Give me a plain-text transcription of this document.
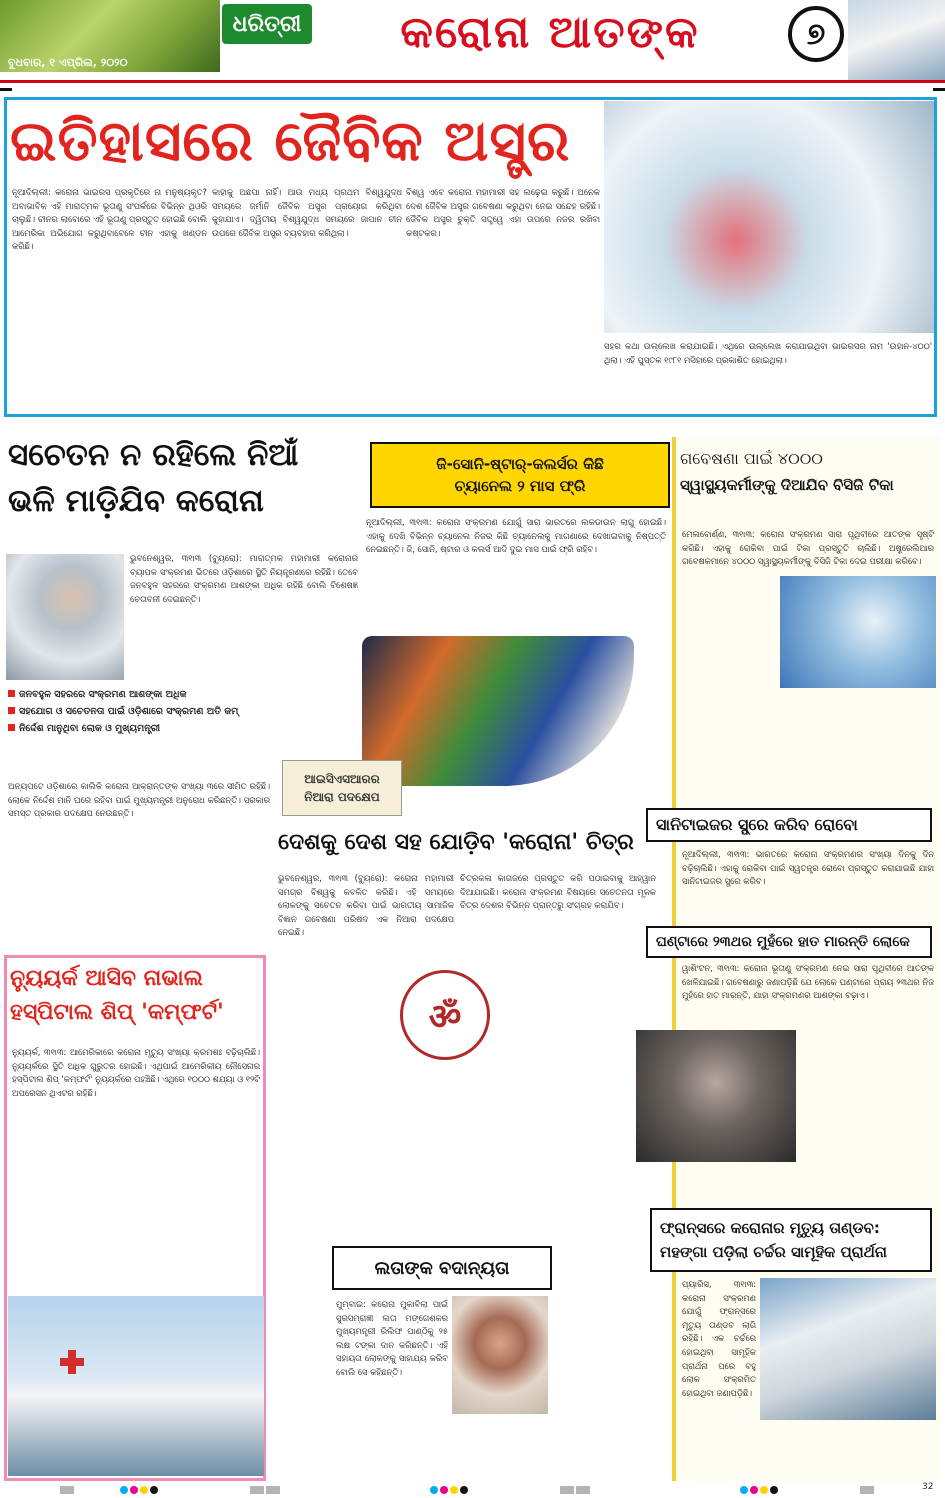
ଧରିତ୍ରୀ
ବୁଧବାର, ୧ ଏପ୍ରିଲ, ୨୦୨୦
କରୋନା ଆତଙ୍କ	୭
ଇତିହାସରେ ଜୈବିକ ଅସ୍ତ୍ର
ନୂଆଦିଲ୍ଲୀ: କରୋନା ଭାଇରସ ପ୍ରକୃତିରେ ନା ମନୁଷ୍ୟକୃତ? ଅବାଭାବିକ ଏହି ମାରାତ୍ମକ ଭୂତାଣୁ ସଂପର୍କରେ ବିଭିନ୍ନ ଥିଓରି ଚାଲୁଛି। ଚୀନର ଲାବୋରେ ଏହି ଭୂତାଣୁ ପ୍ରସ୍ତୁତ ହୋଇଛି ବୋଲି ଆମେରିକା ଅଭିଯୋଗ କରୁଥିବାବେଳେ ଚୀନ ଏହାକୁ ଖଣ୍ଡନ କରିଛି।
କାହାକୁ ଅଛପା ନାହିଁ। ଆଉ ମଧ୍ୟ ପ୍ରଥମ ବିଶ୍ୱଯୁଦ୍ଧ ସମୟରେ ଜର୍ମାନି ଜୈବିକ ଅସ୍ତ୍ର ପ୍ରୟୋଗ କରିଥିବା କୁହାଯାଏ। ଦ୍ୱିତୀୟ ବିଶ୍ୱଯୁଦ୍ଧ ସମୟରେ ଜାପାନ ଚୀନ ଉପରେ ଜୈବିକ ଅସ୍ତ୍ର ବ୍ୟବହାର କରିଥିଲା।
ବିଶ୍ୱ ଏବେ କରୋନା ମହାମାରୀ ସହ ଲଢ଼େଇ କରୁଛି। ଅନେକ ଦେଶ ଜୈବିକ ଅସ୍ତ୍ର ଗବେଷଣା କରୁଥିବା ନେଇ ସନ୍ଦେହ ରହିଛି। ଜୈବିକ ଅସ୍ତ୍ର ଚୁକ୍ତି ସତ୍ତ୍ୱେ ଏହା ଉପରେ ନଜର ରଖିବା କଷ୍ଟକର।
ସହର କଥା ଉଲ୍ଲେଖ କରାଯାଇଛି। ଏଥିରେ ଉଲ୍ଲେଖ କରାଯାଇଥିବା ଭାଇରସର ନାମ 'ଉହାନ-୪୦୦' ଥିଲା। ଏହି ପୁସ୍ତକ ୧୯୮୧ ମସିହାରେ ପ୍ରକାଶିତ ହୋଇଥିଲା।
ସଚେତନ ନ ରହିଲେ ନିଆଁ ଭଳି ମାଡ଼ିଯିବ କରୋନା
ଜନବହୁଳ ସହରରେ ସଂକ୍ରମଣ ଆଶଙ୍କା ଅଧିକ
ସହଯୋଗ ଓ ସଚେତନତା ପାଇଁ ଓଡ଼ିଶାରେ ସଂକ୍ରମଣ ଅତି କମ୍
ନିର୍ଦ୍ଦେଶ ମାନୁଥିବା ଲୋକ ଓ ମୁଖ୍ୟମନ୍ତ୍ରୀ
ଭୁବନେଶ୍ୱର, ୩୧ା୩ (ବ୍ୟୁରୋ): ମାରାତ୍ମକ ମହାମାରୀ କରୋନାର ବ୍ୟାପକ ସଂକ୍ରମଣ ଭିତରେ ଓଡ଼ିଶାରେ ସ୍ଥିତି ନିୟନ୍ତ୍ରଣରେ ରହିଛି। ତେବେ ଜନବହୁଳ ସହରରେ ସଂକ୍ରମଣ ଆଶଙ୍କା ଅଧିକ ରହିଛି ବୋଲି ବିଶେଷଜ୍ଞ ଚେତାବନୀ ଦେଇଛନ୍ତି।
ଅନ୍ୟପଟେ ଓଡ଼ିଶାରେ କାଲିକି କରୋନା ଆକ୍ରାନ୍ତଙ୍କ ସଂଖ୍ୟା ୩ରେ ସୀମିତ ରହିଛି। ଲୋକେ ନିର୍ଦ୍ଦେଶ ମାନି ଘରେ ରହିବା ପାଇଁ ମୁଖ୍ୟମନ୍ତ୍ରୀ ଅନୁରୋଧ କରିଛନ୍ତି। ସରକାର ସମସ୍ତ ପ୍ରକାର ପଦକ୍ଷେପ ନେଉଛନ୍ତି।
ଜି-ସୋନି-ଷ୍ଟାର୍-କଲର୍ସର କିଛି
ଚ୍ୟାନେଲ ୨ ମାସ ଫ୍ରି
ନୂଆଦିଲ୍ଲୀ, ୩୧ା୩: କରୋନା ସଂକ୍ରମଣ ଯୋଗୁଁ ସାରା ଭାରତରେ ଲକଡାଉନ ଲାଗୁ ହୋଇଛି। ଏହାକୁ ଦେଖି ବିଭିନ୍ନ ଚ୍ୟାନେଲ ନିଜର କିଛି ଚ୍ୟାନେଲକୁ ମାଗଣାରେ ଦେଖାଇବାକୁ ନିଷ୍ପତ୍ତି ନେଇଛନ୍ତି। ଜି, ସୋନି, ଷ୍ଟାର ଓ କଲର୍ସ ଆଦି ଦୁଇ ମାସ ପାଇଁ ଫ୍ରି ରହିବ।
ଆଇସିଏସଆରର
ନିଆରା ପଦକ୍ଷେପ
ଦେଶକୁ ଦେଶ ସହ ଯୋଡ଼ିବ 'କରୋନା' ଚିତ୍ର
ଭୁବନେଶ୍ୱର, ୩୧ା୩ (ବ୍ୟୁରୋ): କରୋନା ମହାମାରୀ ସମଗ୍ର ବିଶ୍ୱକୁ କବଳିତ କରିଛି। ଏହି ସମୟରେ ଲୋକଙ୍କୁ ସଚେତନ କରିବା ପାଇଁ ଭାରତୀୟ ସାମାଜିକ ବିଜ୍ଞାନ ଗବେଷଣା ପରିଷଦ ଏକ ନିଆରା ପଦକ୍ଷେପ ନେଇଛି।
ଚିତ୍ରକଳା କାଗଜରେ ପ୍ରସ୍ତୁତ କରି ପଠାଇବାକୁ ଆହ୍ୱାନ ଦିଆଯାଇଛି। କରୋନା ସଂକ୍ରମଣ ବିଷୟରେ ସଚେତନତା ମୂଳକ ଚିତ୍ର ଦେଶର ବିଭିନ୍ନ ପ୍ରାନ୍ତରୁ ସଂଗ୍ରହ କରାଯିବ।
ॐ
ନ୍ୟୁୟର୍କ ଆସିବ ନାଭାଲ ହସ୍ପିଟାଲ ଶିପ୍ 'କମ୍ଫର୍ଟ'
ନ୍ୟୁୟର୍କ, ୩୧ା୩: ଆମେରିକାରେ କରୋନା ମୃତ୍ୟୁ ସଂଖ୍ୟା କ୍ରମଶଃ ବଢ଼ିଚାଲିଛି। ନ୍ୟୁୟର୍କରେ ସ୍ଥିତି ଅଧିକ ଗୁରୁତର ହୋଇଛି। ଏଥିପାଇଁ ଆମେରିକୀୟ ନୌସେନାର ହସ୍ପିଟାଲ ଶିପ୍ 'କମ୍ଫର୍ଟ' ନ୍ୟୁୟର୍କରେ ପହଞ୍ଚିଛି। ଏଥିରେ ୧୦୦୦ ଶଯ୍ୟା ଓ ୧୨ଟି ଅପରେସନ ଥିଏଟର ରହିଛି।
ଲତାଙ୍କ ବଦାନ୍ୟତା
ମୁମ୍ବାଇ: କରୋନା ମୁକାବିଲା ପାଇଁ ସୁରସମ୍ରାଜ୍ଞୀ ଲତା ମଙ୍ଗେଶକର ମୁଖ୍ୟମନ୍ତ୍ରୀ ରିଲିଫ ପାଣ୍ଠିକୁ ୨୫ ଲକ୍ଷ ଟଙ୍କା ଦାନ କରିଛନ୍ତି। ଏହି ସହାୟତା ଲୋକଙ୍କୁ ସାହାଯ୍ୟ କରିବ ବୋଲି ସେ କହିଛନ୍ତି।
ଗବେଷଣା ପାଇଁ ୪୦୦୦
ସ୍ୱାସ୍ଥ୍ୟକର୍ମୀଙ୍କୁ ଦିଆଯିବ ବିସିଜି ଟିକା
ମେଲବୋର୍ଣ୍ଣ, ୩୧ା୩: କରୋନା ସଂକ୍ରମଣ ସାରା ପୃଥିବୀରେ ଆତଙ୍କ ସୃଷ୍ଟି କରିଛି। ଏହାକୁ ରୋକିବା ପାଇଁ ଟିକା ପ୍ରସ୍ତୁତି ଚାଲିଛି। ଅଷ୍ଟ୍ରେଲିଆର ଗବେଷକମାନେ ୪୦୦୦ ସ୍ୱାସ୍ଥ୍ୟକର୍ମୀଙ୍କୁ ବିସିଜି ଟିକା ଦେଇ ପରୀକ୍ଷା କରିବେ।
ସାନିଟାଇଜର ସ୍ପ୍ରେ କରିବ ରୋବୋ
ନୂଆଦିଲ୍ଲୀ, ୩୧ା୩: ଭାରତରେ କରୋନା ସଂକ୍ରମଣର ସଂଖ୍ୟା ଦିନକୁ ଦିନ ବଢ଼ିଚାଲିଛି। ଏହାକୁ ରୋକିବା ପାଇଁ ସ୍ୱତନ୍ତ୍ର ରୋବୋ ପ୍ରସ୍ତୁତ କରାଯାଇଛି ଯାହା ସାନିଟାଇଜର ସ୍ପ୍ରେ କରିବ।
ଘଣ୍ଟାରେ ୨୩ଥର ମୁହଁରେ ହାତ ମାରନ୍ତି ଲୋକେ
ୱାଶିଂଟନ, ୩୧ା୩: କରୋନା ଭୂତାଣୁ ସଂକ୍ରମଣ ନେଇ ସାରା ପୃଥିବୀରେ ଆତଙ୍କ ଖେଳିଯାଇଛି। ଗବେଷଣାରୁ ଜଣାପଡ଼ିଛି ଯେ ଲୋକେ ଘଣ୍ଟାରେ ପ୍ରାୟ ୨୩ଥର ନିଜ ମୁହଁରେ ହାତ ମାରନ୍ତି, ଯାହା ସଂକ୍ରମଣର ଆଶଙ୍କା ବଢ଼ାଏ।
ଫ୍ରାନ୍ସରେ କରୋନାର ମୃତ୍ୟୁ ତାଣ୍ଡବ: ମହଙ୍ଗା ପଡ଼ିଲା ଚର୍ଚ୍ଚର ସାମୂହିକ ପ୍ରାର୍ଥନା
ପ୍ୟାରିସ, ୩୧ା୩: କରୋନା ସଂକ୍ରମଣ ଯୋଗୁଁ ଫ୍ରାନ୍ସରେ ମୃତ୍ୟୁ ତାଣ୍ଡବ ଲାଗି ରହିଛି। ଏକ ଚର୍ଚ୍ଚରେ ହୋଇଥିବା ସାମୂହିକ ପ୍ରାର୍ଥନା ପରେ ବହୁ ଲୋକ ସଂକ୍ରମିତ ହୋଇଥିବା ଜଣାପଡ଼ିଛି।
32
